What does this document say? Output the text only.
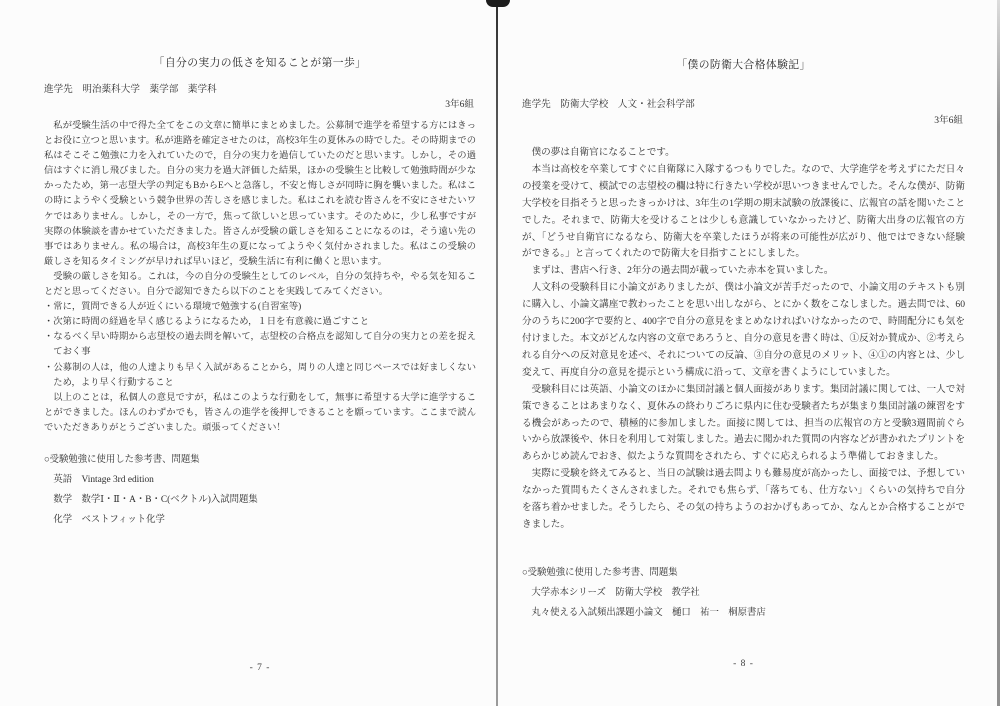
「自分の実力の低さを知ることが第一歩」
進学先　明治薬科大学　薬学部　薬学科
3年6組

私が受験生活の中で得た全てをこの文章に簡単にまとめました。公募制で進学を希望する方にはきっとお役に立つと思います。私が進路を確定させたのは，高校3年生の夏休みの時でした。その時期までの私はそこそこ勉強に力を入れていたので，自分の実力を過信していたのだと思います。しかし，その過信はすぐに消し飛びました。自分の実力を過大評価した結果，ほかの受験生と比較して勉強時間が少なかったため，第一志望大学の判定もBからEへと急落し，不安と悔しさが同時に胸を襲いました。私はこの時にようやく受験という競争世界の苦しさを感じました。私はこれを読む皆さんを不安にさせたいワケではありません。しかし，その一方で，焦って欲しいと思っています。そのために，少し私事ですが実際の体験談を書かせていただきました。皆さんが受験の厳しさを知ることになるのは，そう遠い先の事ではありません。私の場合は，高校3年生の夏になってようやく気付かされました。私はこの受験の厳しさを知るタイミングが早ければ早いほど，受験生活に有利に働くと思います。

受験の厳しさを知る。これは，今の自分の受験生としてのレベル，自分の気持ちや，やる気を知ることだと思ってください。自分で認知できたら以下のことを実践してみてください。

・常に，質問できる人が近くにいる環境で勉強する(自習室等)
・次第に時間の経過を早く感じるようになるため，１日を有意義に過ごすこと
・なるべく早い時期から志望校の過去問を解いて，志望校の合格点を認知して自分の実力との差を捉えておく事
・公募制の人は，他の人達よりも早く入試があることから，周りの人達と同じペースでは好ましくないため，より早く行動すること

以上のことは，私個人の意見ですが，私はこのような行動をして，無事に希望する大学に進学することができました。ほんのわずかでも，皆さんの進学を後押しできることを願っています。ここまで読んでいただきありがとうございました。頑張ってください！

○受験勉強に使用した参考書、問題集
英語　Vintage 3rd edition
数学　数学Ⅰ・Ⅱ・A・B・C(ベクトル)入試問題集
化学　ベストフィット化学
- 7 -
「僕の防衛大合格体験記」
進学先　防衛大学校　人文・社会科学部
3年6組

僕の夢は自衛官になることです。

本当は高校を卒業してすぐに自衛隊に入隊するつもりでした。なので、大学進学を考えずにただ日々の授業を受けて、模試での志望校の欄は特に行きたい学校が思いつきませんでした。そんな僕が、防衛大学校を目指そうと思ったきっかけは、3年生の1学期の期末試験の放課後に、広報官の話を聞いたことでした。それまで、防衛大を受けることは少しも意識していなかったけど、防衛大出身の広報官の方が、「どうせ自衛官になるなら、防衛大を卒業したほうが将来の可能性が広がり、他ではできない経験ができる。」と言ってくれたので防衛大を目指すことにしました。

まずは、書店へ行き、2年分の過去問が載っていた赤本を買いました。

人文科の受験科目に小論文がありましたが、僕は小論文が苦手だったので、小論文用のテキストも別に購入し、小論文講座で教わったことを思い出しながら、とにかく数をこなしました。過去問では、60分のうちに200字で要約と、400字で自分の意見をまとめなければいけなかったので、時間配分にも気を付けました。本文がどんな内容の文章であろうと、自分の意見を書く時は、①反対か賛成か、②考えられる自分への反対意見を述べ、それについての反論、③自分の意見のメリット、④①の内容とは、少し変えて、再度自分の意見を提示という構成に沿って、文章を書くようにしていました。

受験科目には英語、小論文のほかに集団討議と個人面接があります。集団討議に関しては、一人で対策できることはあまりなく、夏休みの終わりごろに県内に住む受験者たちが集まり集団討議の練習をする機会があったので、積極的に参加しました。面接に関しては、担当の広報官の方と受験3週間前ぐらいから放課後や、休日を利用して対策しました。過去に聞かれた質問の内容などが書かれたプリントをあらかじめ読んでおき、似たような質問をされたら、すぐに応えられるよう準備しておきました。

実際に受験を終えてみると、当日の試験は過去問よりも難易度が高かったし、面接では、予想していなかった質問もたくさんされました。それでも焦らず、「落ちても、仕方ない」くらいの気持ちで自分を落ち着かせました。そうしたら、その気の持ちようのおかげもあってか、なんとか合格することができました。

○受験勉強に使用した参考書、問題集
大学赤本シリーズ　防衛大学校　教学社
丸々使える入試頻出課題小論文　樋口　祐一　桐原書店
- 8 -
